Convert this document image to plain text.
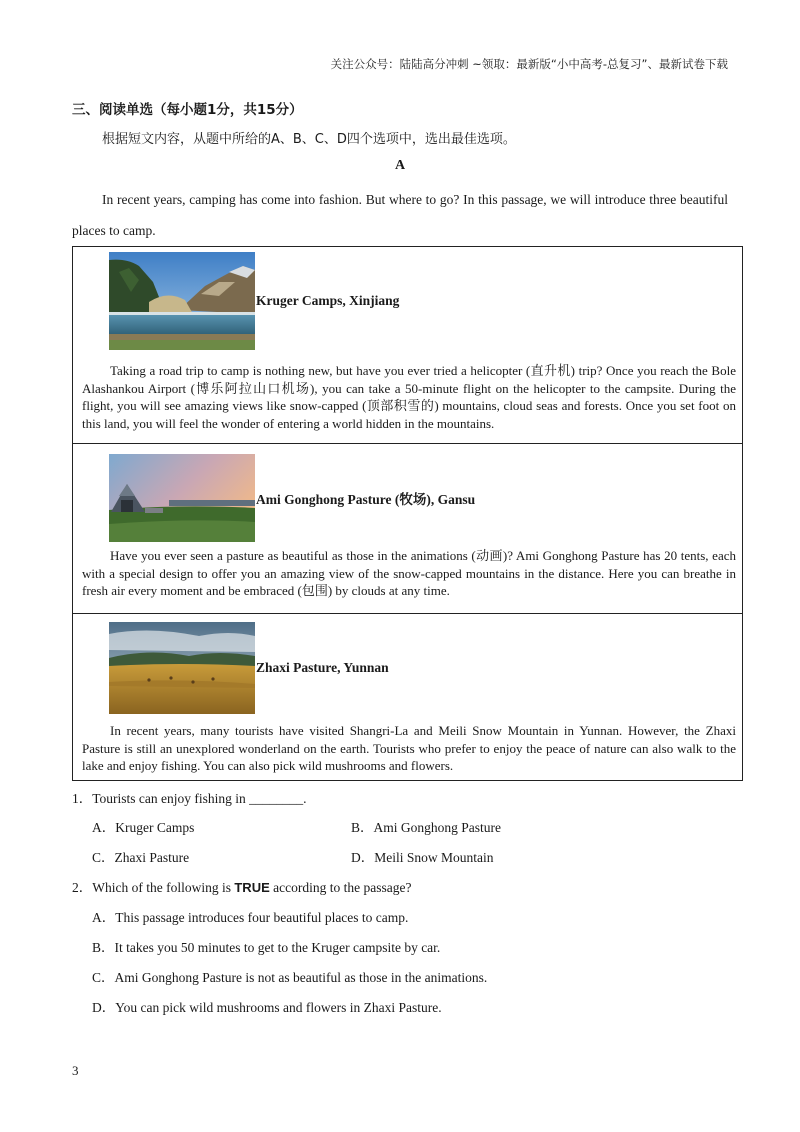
关注公众号：陆陆高分冲刺 ~领取：最新版“小中高考-总复习”、最新试卷下载
三、阅读单选（每小题1分，共15分）
根据短文内容，从题中所给的A、B、C、D四个选项中，选出最佳选项。
A
In recent years, camping has come into fashion. But where to go? In this passage, we will introduce three beautiful places to camp.
Kruger Camps, Xinjiang
Taking a road trip to camp is nothing new, but have you ever tried a helicopter (直升机) trip? Once you reach the Bole Alashankou Airport (博乐阿拉山口机场), you can take a 50-minute flight on the helicopter to the campsite. During the flight, you will see amazing views like snow-capped (顶部积雪的) mountains, cloud seas and forests. Once you set foot on this land, you will feel the wonder of entering a world hidden in the mountains.
Ami Gonghong Pasture (牧场), Gansu
Have you ever seen a pasture as beautiful as those in the animations (动画)? Ami Gonghong Pasture has 20 tents, each with a special design to offer you an amazing view of the snow-capped mountains in the distance. Here you can breathe in fresh air every moment and be embraced (包围) by clouds at any time.
Zhaxi Pasture, Yunnan
In recent years, many tourists have visited Shangri-La and Meili Snow Mountain in Yunnan. However, the Zhaxi Pasture is still an unexplored wonderland on the earth. Tourists who prefer to enjoy the peace of nature can also walk to the lake and enjoy fishing. You can also pick wild mushrooms and flowers.
1．Tourists can enjoy fishing in ________.
A．Kruger Camps	B．Ami Gonghong Pasture
C．Zhaxi Pasture	D．Meili Snow Mountain
2．Which of the following is TRUE according to the passage?
A．This passage introduces four beautiful places to camp.
B．It takes you 50 minutes to get to the Kruger campsite by car.
C．Ami Gonghong Pasture is not as beautiful as those in the animations.
D．You can pick wild mushrooms and flowers in Zhaxi Pasture.
3
